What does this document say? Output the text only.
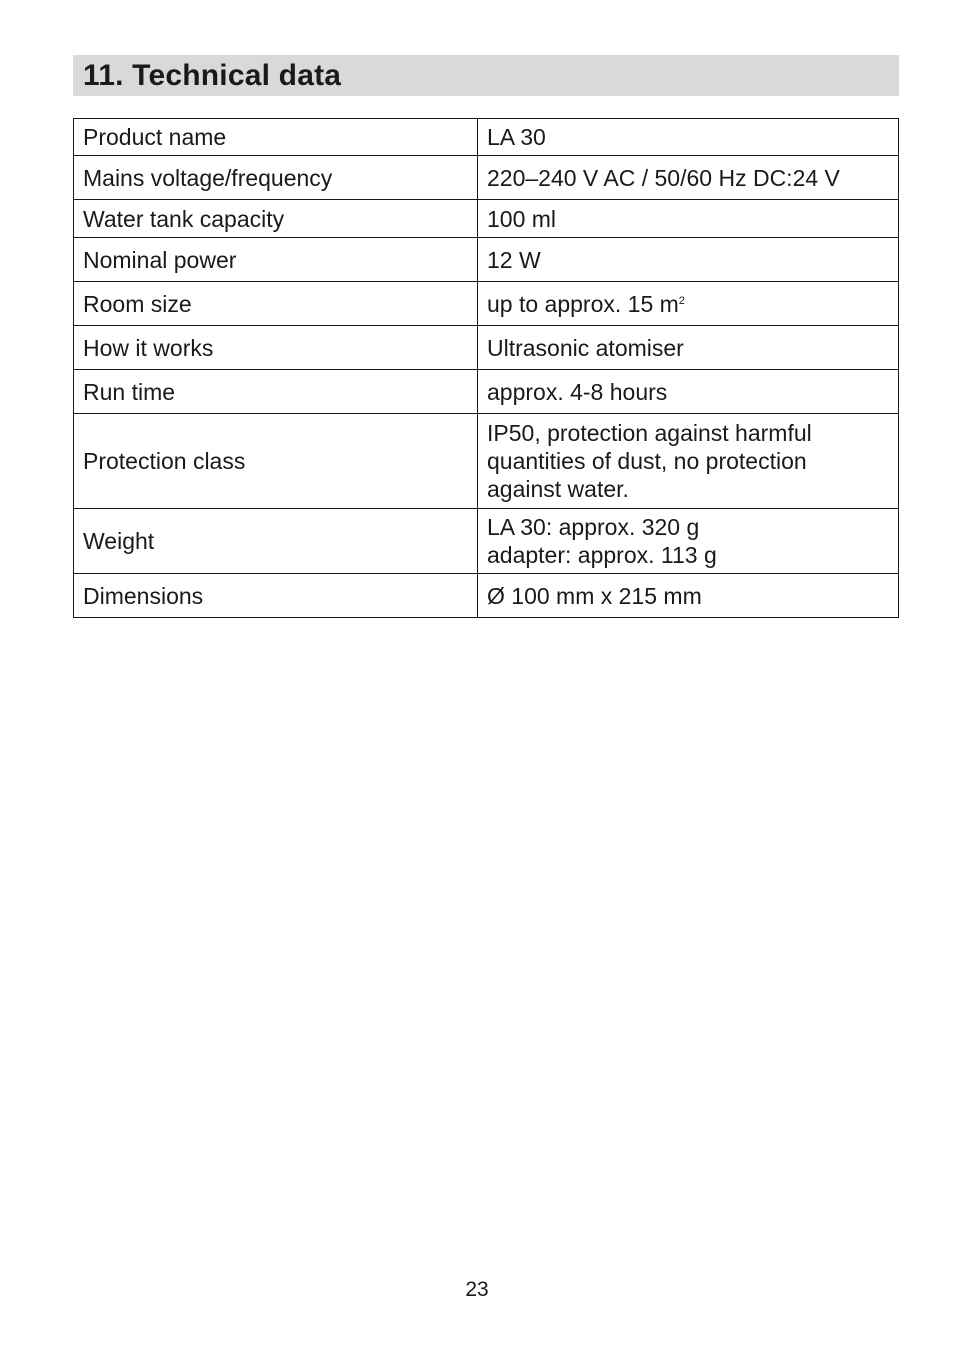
11. Technical data
Product name	LA 30
Mains voltage/frequency	220–240 V AC / 50/60 Hz DC:24 V
Water tank capacity	100 ml
Nominal power	12 W
Room size	up to approx. 15 $m^2$
How it works	Ultrasonic atomiser
Run time	approx. 4-8 hours
Protection class	IP50, protection against harmful
quantities of dust, no protection
against water.

Weight	LA 30: approx. 320 g
adapter: approx. 113 g

Dimensions	Ø 100 mm x 215 mm
23
